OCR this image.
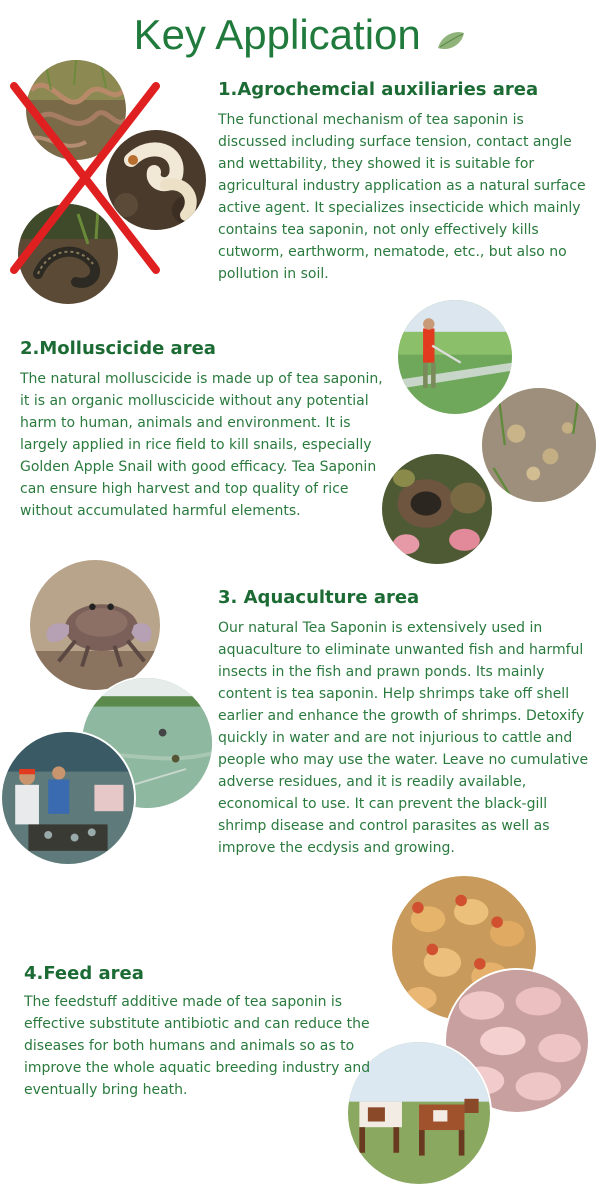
Key Application
1.Agrochemcial auxiliaries area

The functional mechanism of tea saponin is discussed including surface tension, contact angle and wettability, they showed it is suitable for agricultural industry application as a natural surface active agent. It specializes insecticide which mainly contains tea saponin, not only effectively kills cutworm, earthworm, nematode, etc., but also no pollution in soil.

2.Molluscicide area

The natural molluscicide is made up of tea saponin, it is an organic molluscicide without any potential harm to human, animals and environment. It is largely applied in rice field to kill snails, especially Golden Apple Snail with good efficacy. Tea Saponin can ensure high harvest and top quality of rice without accumulated harmful elements.

3. Aquaculture area

Our natural Tea Saponin is extensively used in aquaculture to eliminate unwanted fish and harmful insects in the fish and prawn ponds. Its mainly content is tea saponin. Help shrimps take off shell earlier and enhance the growth of shrimps. Detoxify quickly in water and are not injurious to cattle and people who may use the water. Leave no cumulative adverse residues, and it is readily available, economical to use. It can prevent the black-gill shrimp disease and control parasites as well as improve the ecdysis and growing.

4.Feed area

The feedstuff additive made of tea saponin is effective substitute antibiotic and can reduce the diseases for both humans and animals so as to improve the whole aquatic breeding industry and eventually bring heath.
